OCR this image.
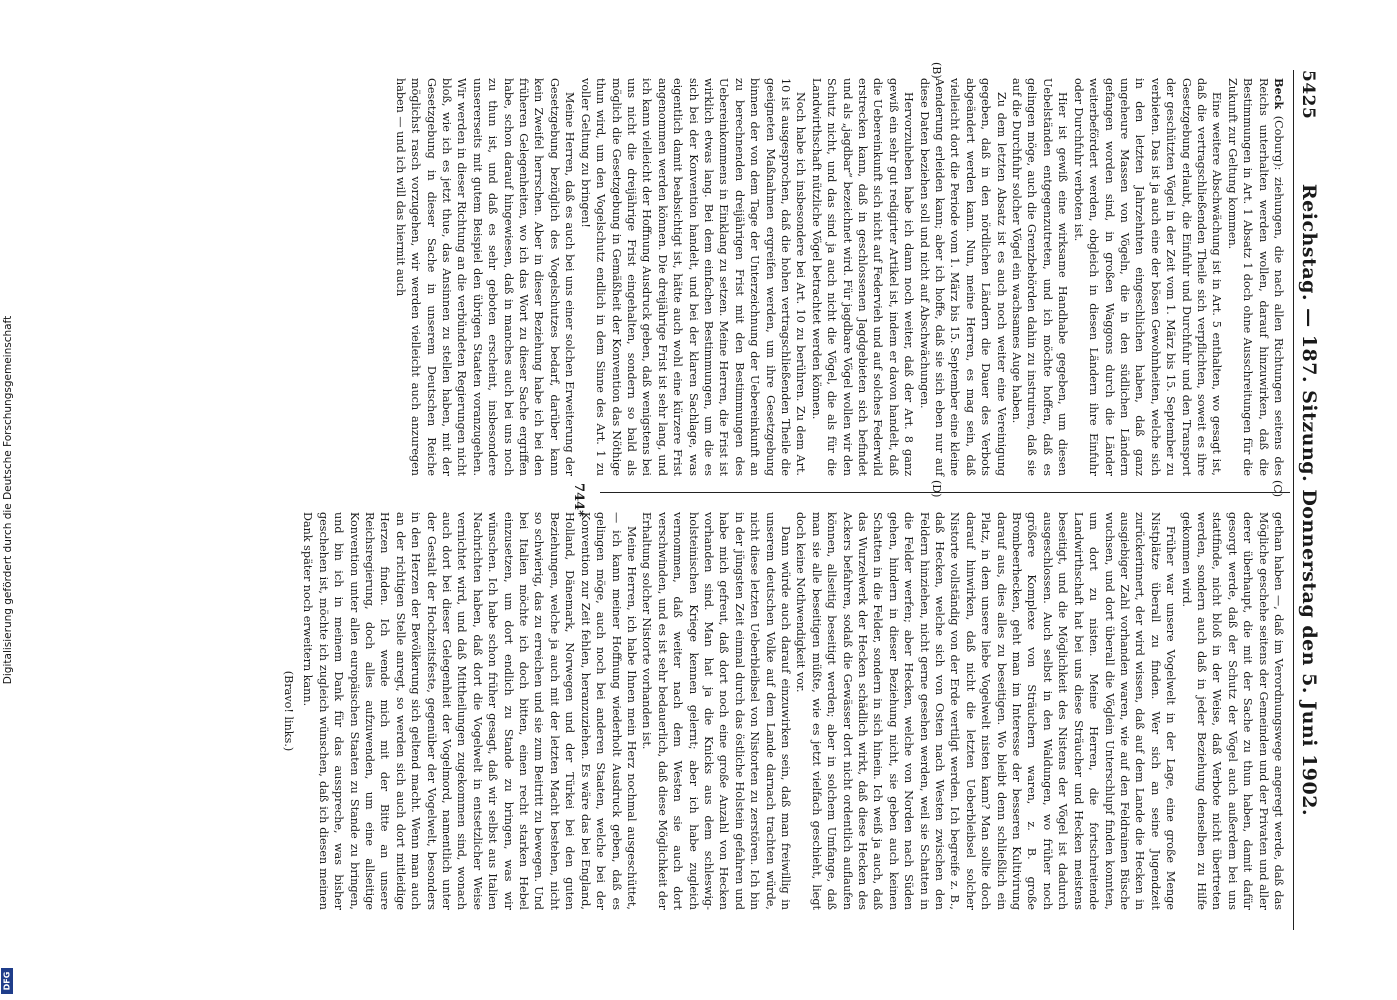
5425
Reichstag. — 187. Sitzung. Donnerstag den 5. Juni 1902.
(C)
(D)
(B)

Beck (Coburg): ziehungen, die nach allen Richtungen seitens des Reichs unterhalten werden wollen, darauf hinzuwirken, daß die Bestimmungen in Art. 1 Absatz 1 doch ohne Ausschreitungen für die Zukunft zur Geltung kommen.

Eine weitere Abschwächung ist in Art. 5 enthalten, wo gesagt ist, daß die vertragschließenden Theile sich verpflichten, soweit es ihre Gesetzgebung erlaubt, die Einfuhr und Durchfuhr und den Transport der geschützten Vögel in der Zeit vom 1. März bis 15. September zu verbieten. Das ist ja auch eine der bösen Gewohnheiten, welche sich in den letzten Jahrzehnten eingeschlichen haben, daß ganz ungeheure Massen von Vögeln, die in den südlichen Ländern gefangen worden sind, in großen Waggons durch die Länder weiterbefördert werden, obgleich in diesen Ländern ihre Einfuhr oder Durchfuhr verboten ist.

Hier ist gewiß eine wirksame Handhabe gegeben, um diesen Uebelständen entgegenzutreten, und ich möchte hoffen, daß es gelingen möge, auch die Grenzbehörden dahin zu instruiren, daß sie auf die Durchfuhr solcher Vögel ein wachsames Auge haben.

Zu dem letzten Absatz ist es auch noch weiter eine Vereinigung gegeben, daß in den nördlichen Ländern die Dauer des Verbots abgeändert werden kann. Nun, meine Herren, es mag sein, daß vielleicht dort die Periode vom 1. März bis 15. September eine kleine Aenderung erleiden kann; aber ich hoffe, daß sie sich eben nur auf diese Daten beziehen soll und nicht auf Abschwächungen.

Hervorzuheben habe ich dann noch weiter, daß der Art. 8 ganz gewiß ein sehr gut redigirter Artikel ist, indem er davon handelt, daß die Uebereinkunft sich nicht auf Federvieh und auf solches Federwild erstrecken kann, daß in geschlossenen Jagdgebieten sich befindet und als „jagdbar“ bezeichnet wird. Für jagdbare Vögel wollen wir den Schutz nicht, und das sind ja auch nicht die Vögel, die als für die Landwirthschaft nützliche Vögel betrachtet werden können.

Noch habe ich insbesondere bei Art. 10 zu berühren. Zu dem Art. 10 ist ausgesprochen, daß die hohen vertragschließenden Theile die geeigneten Maßnahmen ergreifen werden, um ihre Gesetzgebung binnen der von dem Tage der Unterzeichnung der Uebereinkunft an zu berechnenden dreijährigen Frist mit den Bestimmungen des Uebereinkommens in Einklang zu setzen. Meine Herren, die Frist ist wirklich etwas lang. Bei dem einfachen Bestimmungen, um die es sich bei der Konvention handelt, und bei der klaren Sachlage, was eigentlich damit beabsichtigt ist, hätte auch wohl eine kürzere Frist angenommen werden können. Die dreijährige Frist ist sehr lang, und ich kann vielleicht der Hoffnung Ausdruck geben, daß wenigstens bei uns nicht die dreijährige Frist eingehalten, sondern so bald als möglich die Gesetzgebung in Gemäßheit der Konvention das Nöthige thun wird, um den Vogelschutz endlich in dem Sinne des Art. 1 zu voller Geltung zu bringen!

Meine Herren, daß es auch bei uns einer solchen Erweiterung der Gesetzgebung bezüglich des Vogelschutzes bedarf, darüber kann kein Zweifel herrschen. Aber in dieser Beziehung habe ich bei den früheren Gelegenheiten, wo ich das Wort zu dieser Sache ergriffen habe, schon darauf hingewiesen, daß in manches auch bei uns noch zu thun ist, und daß es sehr geboten erscheint, insbesondere unsererseits mit gutem Beispiel den übrigen Staaten voranzugehen. Wir werden in dieser Richtung an die verbündeten Regierungen nicht bloß, wie ich es jetzt thue, das Ansinnen zu stellen haben, mit der Gesetzgebung in dieser Sache in unserem Deutschen Reiche möglichst rasch vorzugehen, wir werden vielleicht auch anzuregen haben — und ich will das hiermit auch

gethan haben —, daß im Verordnungswege angeregt werde, daß das Mögliche geschehe seitens der Gemeinden und der Privaten und aller derer überhaupt, die mit der Sache zu thun haben, damit dafür gesorgt werde, daß der Schutz der Vögel auch außerdem bei uns stattfinde, nicht bloß in der Weise, daß Verbote nicht übertreten werden, sondern auch daß in jeder Beziehung denselben zu Hilfe gekommen wird.

Früher war unsere Vogelwelt in der Lage, eine große Menge Nistplätze überall zu finden. Wer sich an seine Jugendzeit zurückerinnert, der wird wissen, daß auf dem Lande die Hecken in ausgiebiger Zahl vorhanden waren, wie auf den Feldrainen Büsche wuchsen, und dort überall die Vöglein Unterschlupf finden konnten, um dort zu nisten. Meine Herren, die fortschreitende Landwirthschaft hat bei uns diese Sträucher und Hecken meistens beseitigt, und die Möglichkeit des Nistens der Vögel ist dadurch ausgeschlossen. Auch selbst in den Waldungen, wo früher noch größere Komplexe von Sträuchern waren, z. B. große Brombeerhecken, geht man im Interesse der besseren Kultivirung darauf aus, dies alles zu beseitigen. Wo bleibt denn schließlich ein Platz, in dem unsere liebe Vogelwelt nisten kann? Man sollte doch darauf hinwirken, daß nicht die letzten Ueberbleibsel solcher Nistorte vollständig von der Erde vertilgt werden. Ich begreife z. B., daß Hecken, welche sich von Osten nach Westen zwischen den Feldern hinziehen, nicht gerne gesehen werden, weil sie Schatten in die Felder werfen; aber Hecken, welche von Norden nach Süden gehen, hindern in dieser Beziehung nicht, sie geben auch keinen Schatten in die Felder, sondern in sich hinein. Ich weiß ja auch, daß das Wurzelwerk der Hecken schädlich wirkt, daß diese Hecken des Ackers befahren, sodaß die Gewässer dort nicht ordentlich auflaufen können, allseitig beseitigt werden; aber in solchem Umfange, daß man sie alle beseitigen müßte, wie es jetzt vielfach geschieht, liegt doch keine Nothwendigkeit vor.

Dann würde auch darauf einzuwirken sein, daß man freiwillig in unserem deutschen Volke auf dem Lande darnach trachten würde, nicht diese letzten Ueberbleibsel von Nistorten zu zerstören. Ich bin in der jüngsten Zeit einmal durch das östliche Holstein gefahren und habe mich gefreut, daß dort noch eine große Anzahl von Hecken vorhanden sind. Man hat ja die Knicks aus dem schleswig-holsteinischen Kriege kennen gelernt; aber ich habe zugleich vernommen, daß weiter nach dem Westen sie auch dort verschwinden, und es ist sehr bedauerlich, daß diese Möglichkeit der Erhaltung solcher Nistorte vorhanden ist.

Meine Herren, ich habe Ihnen mein Herz nochmal ausgeschüttet, — ich kann meiner Hoffnung wiederholt Ausdruck geben, daß es gelingen möge, auch noch bei anderen Staaten, welche bei der Konvention zur Zeit fehlen, heranzuziehen. Es wäre das bei England, Holland, Dänemark, Norwegen und der Türkei bei den guten Beziehungen, welche ja auch mit der letzten Macht bestehen, nicht so schwierig, das zu erreichen und sie zum Beitritt zu bewegen. Und bei Italien möchte ich doch bitten, einen recht starken Hebel einzusetzen, um dort endlich zu Stande zu bringen, was wir wünschen. Ich habe schon früher gesagt, daß wir selbst aus Italien Nachrichten haben, daß dort die Vogelwelt in entsetzlicher Weise vernichtet wird, und daß Mittheilungen zugekommen sind, wonach auch dort bei dieser Gelegenheit der Vogelmord, namentlich unter der Gestalt der Hochzeitsfeste, gegenüber der Vogelwelt, besonders in den Herzen der Bevölkerung sich geltend macht. Wenn man auch an der richtigen Stelle anregt, so werden sich auch dort mitleidige Herzen finden. Ich wende mich mit der Bitte an unsere Reichsregierung, doch alles aufzuwenden, um eine allseitige Konvention unter allen europäischen Staaten zu Stande zu bringen, und bin ich in meinem Dank für das ausspreche, was bisher geschehen ist, möchte ich zugleich wünschen, daß ich diesen meinen Dank später noch erweitern kann.

(Bravo! links.)

744*
Digitalisierung gefördert durch die Deutsche Forschungsgemeinschaft
DFG
